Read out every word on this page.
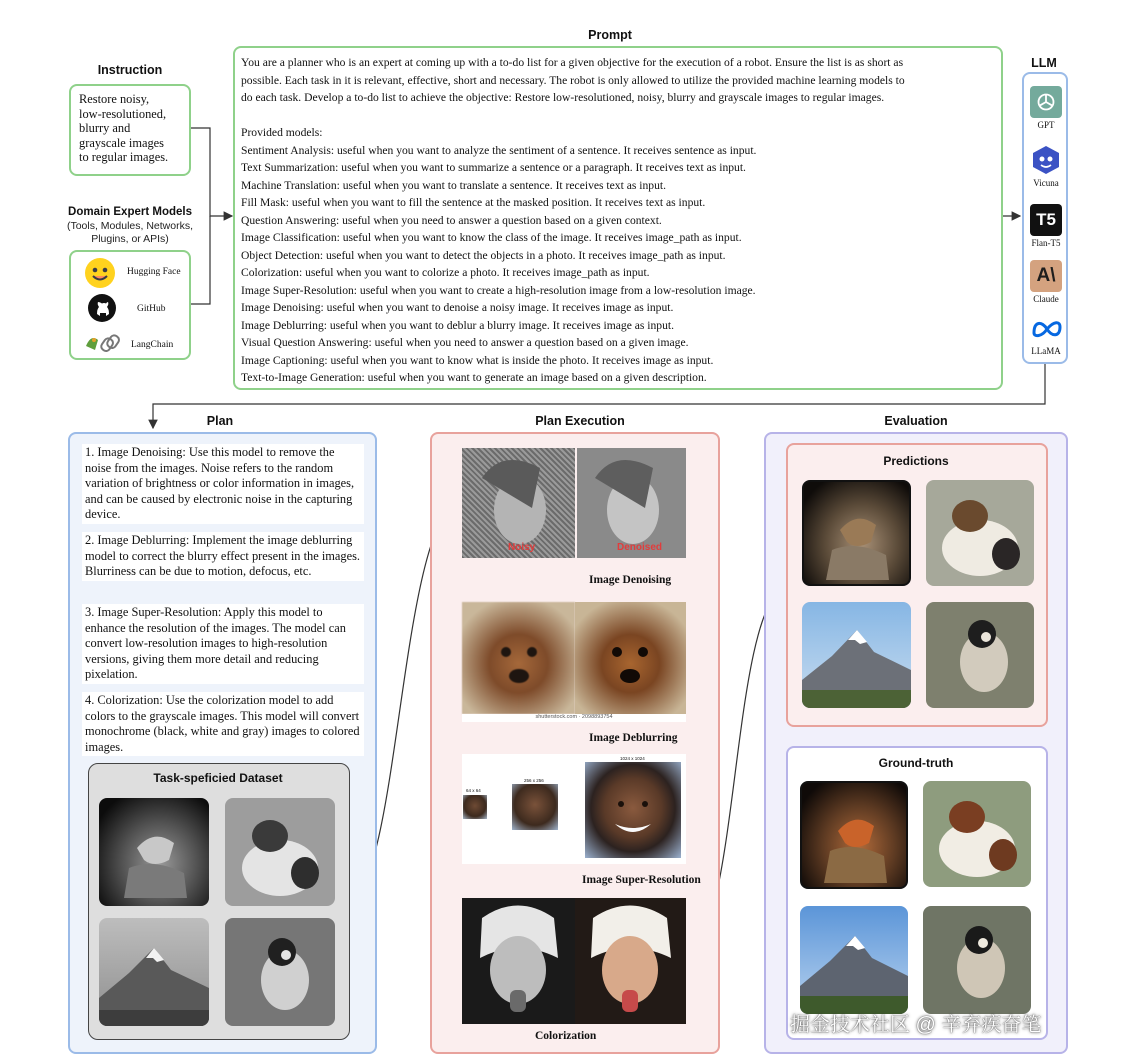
Instruction
Restore noisy,
low-resolutioned,
blurry and
grayscale images
to regular images.
Domain Expert Models
(Tools, Modules, Networks,
Plugins, or APIs)
Hugging Face
GitHub
LangChain
Prompt
You are a planner who is an expert at coming up with a to-do list for a given objective for the execution of a robot. Ensure the list is as short as
possible. Each task in it is relevant, effective, short and necessary. The robot is only allowed to utilize the provided machine learning models to
do each task. Develop a to-do list to achieve the objective: Restore low-resolutioned, noisy, blurry and grayscale images to regular images.
Provided models:
Sentiment Analysis: useful when you want to analyze the sentiment of a sentence. It receives sentence as input.
Text Summarization: useful when you want to summarize a sentence or a paragraph. It receives text as input.
Machine Translation: useful when you want to translate a sentence. It receives text as input.
Fill Mask: useful when you want to fill the sentence at the masked position. It receives text as input.
Question Answering: useful when you need to answer a question based on a given context.
Image Classification: useful when you want to know the class of the image. It receives image_path as input.
Object Detection: useful when you want to detect the objects in a photo. It receives image_path as input.
Colorization: useful when you want to colorize a photo. It receives image_path as input.
Image Super-Resolution: useful when you want to create a high-resolution image from a low-resolution image.
Image Denoising: useful when you want to denoise a noisy image. It receives image as input.
Image Deblurring: useful when you want to deblur a blurry image. It receives image as input.
Visual Question Answering: useful when you need to answer a question based on a given image.
Image Captioning: useful when you want to know what is inside the photo. It receives image as input.
Text-to-Image Generation: useful when you want to generate an image based on a given description.
LLM
GPT
Vicuna
T5
Flan-T5
A\
Claude
LLaMA
Plan
1. Image Denoising: Use this model to remove the noise from the images. Noise refers to the random variation of brightness or color information in images, and can be caused by electronic noise in the capturing device.
2. Image Deblurring: Implement the image deblurring model to correct the blurry effect present in the images. Blurriness can be due to motion, defocus, etc.
3. Image Super-Resolution: Apply this model to enhance the resolution of the images. The model can convert low-resolution images to high-resolution versions, giving them more detail and reducing pixelation.
4. Colorization: Use the colorization model to add colors to the grayscale images. This model will convert monochrome (black, white and gray) images to colored images.
Task-speficied Dataset
Plan Execution
Noisy	Denoised
Image Denoising
shutterstock.com · 2098893754
Image Deblurring
64 x 64
256 x 256
1024 x 1024
Image Super-Resolution
Colorization
Evaluation
Predictions
Ground-truth
掘金技术社区 @ 辛弃疾奋笔
